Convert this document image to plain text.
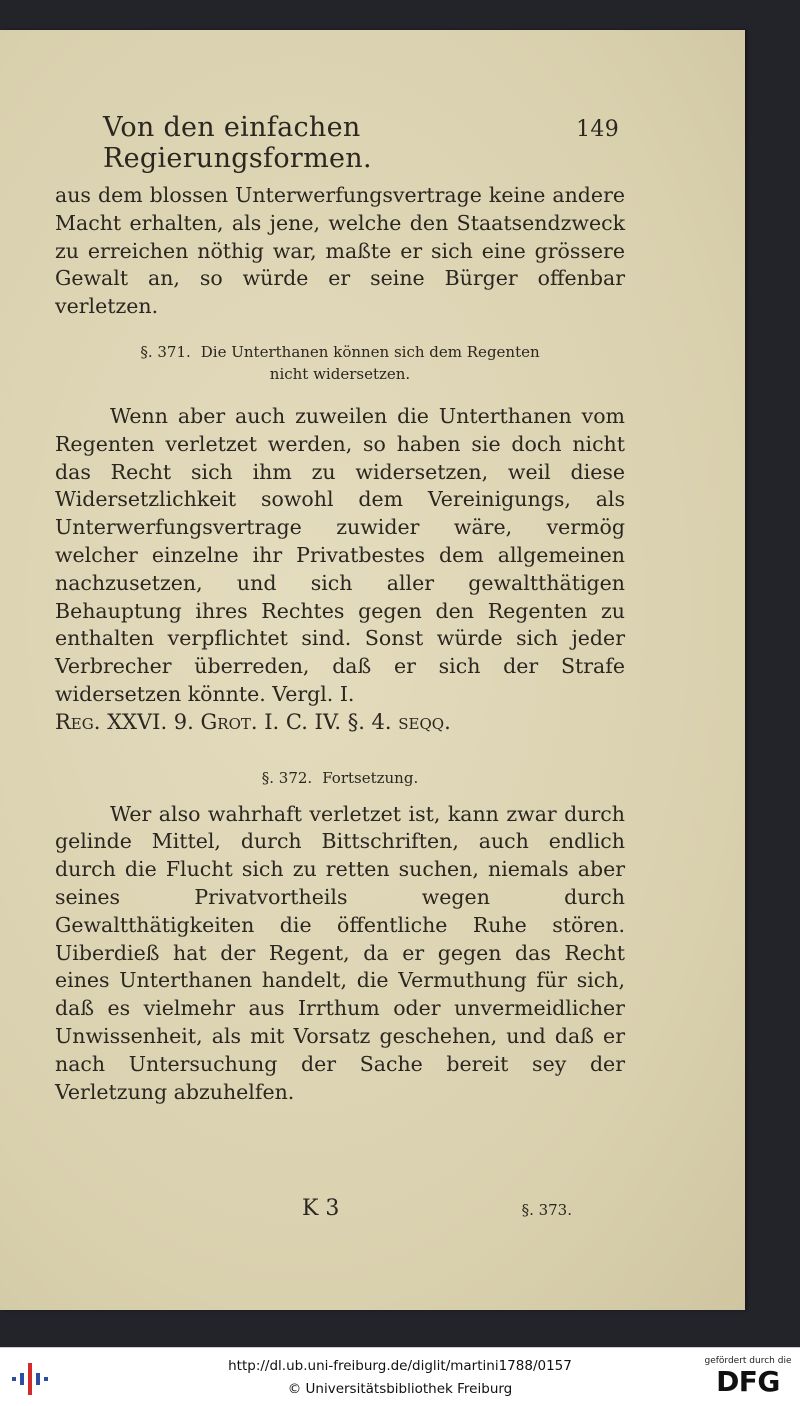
Von den einfachen Regierungsformen.
149

aus dem blossen Unterwerfungsvertrage keine andere Macht erhalten, als jene, welche den Staatsendzweck zu erreichen nöthig war, maßte er sich eine grössere Gewalt an, so würde er seine Bürger offenbar verletzen.

§. 371. Die Unterthanen können sich dem Regenten
nicht widersetzen.

Wenn aber auch zuweilen die Unterthanen vom Regenten verletzet werden, so haben sie doch nicht das Recht sich ihm zu widersetzen, weil diese Widersetzlichkeit sowohl dem Vereinigungs, als Unterwerfungsvertrage zuwider wäre, vermög welcher einzelne ihr Privatbestes dem allgemeinen nachzusetzen, und sich aller gewaltthätigen Behauptung ihres Rechtes gegen den Regenten zu enthalten verpflichtet sind. Sonst würde sich jeder Verbrecher überreden, daß er sich der Strafe widersetzen könnte. Vergl. I.
Reg. XXVI. 9. Grot. I. C. IV. §. 4. seqq.

§. 372. Fortsetzung.

Wer also wahrhaft verletzet ist, kann zwar durch gelinde Mittel, durch Bittschriften, auch endlich durch die Flucht sich zu retten suchen, niemals aber seines Privatvortheils wegen durch Gewaltthätigkeiten die öffentliche Ruhe stören. Uiberdieß hat der Regent, da er gegen das Recht eines Unterthanen handelt, die Vermuthung für sich, daß es vielmehr aus Irrthum oder unvermeidlicher Unwissenheit, als mit Vorsatz geschehen, und daß er nach Untersuchung der Sache bereit sey der Verletzung abzuhelfen.

K 3	§. 373.
http://dl.ub.uni-freiburg.de/diglit/martini1788/0157
© Universitätsbibliothek Freiburg
gefördert durch die
DFG
